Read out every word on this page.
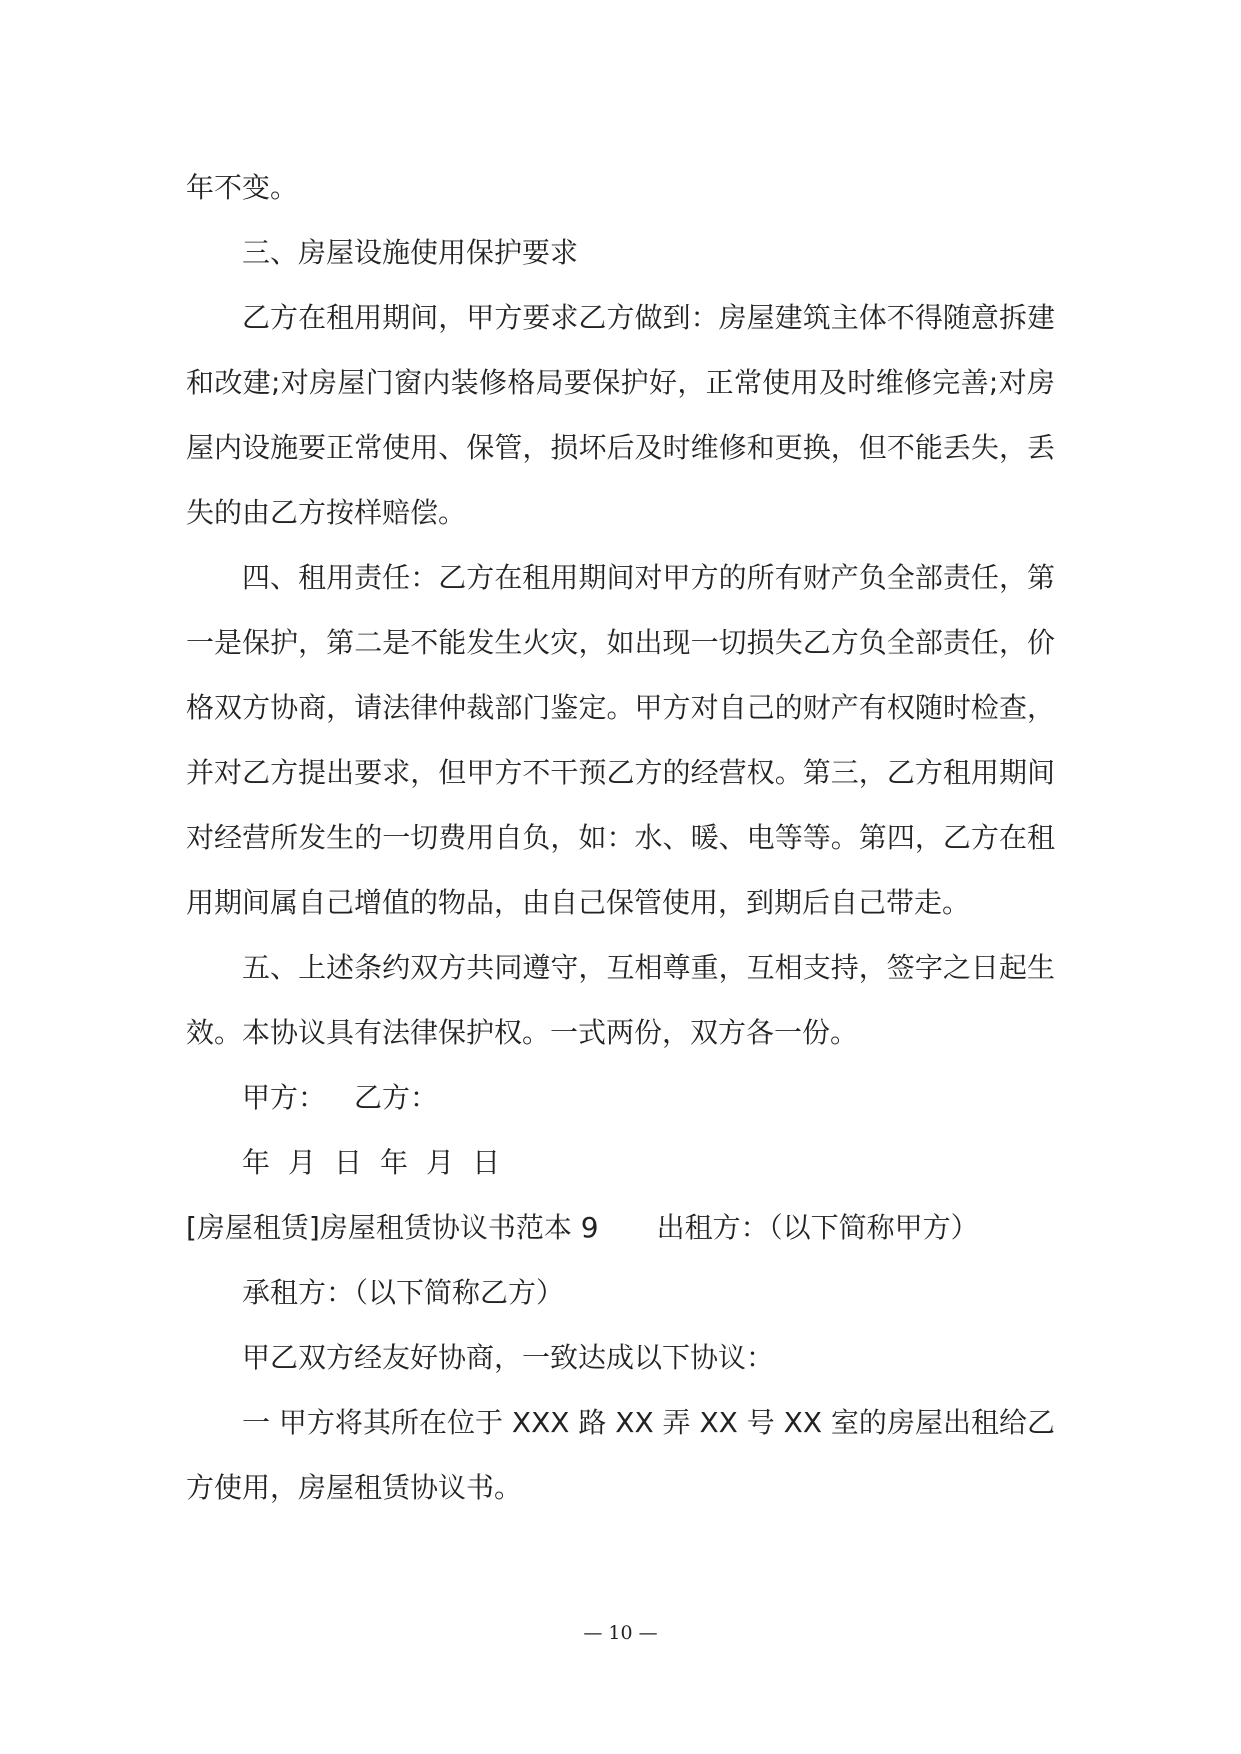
年不变。

三、房屋设施使用保护要求

乙方在租用期间，甲方要求乙方做到：房屋建筑主体不得随意拆建和改建;对房屋门窗内装修格局要保护好，正常使用及时维修完善;对房屋内设施要正常使用、保管，损坏后及时维修和更换，但不能丢失，丢失的由乙方按样赔偿。

四、租用责任：乙方在租用期间对甲方的所有财产负全部责任，第一是保护，第二是不能发生火灾，如出现一切损失乙方负全部责任，价格双方协商，请法律仲裁部门鉴定。甲方对自己的财产有权随时检查，并对乙方提出要求，但甲方不干预乙方的经营权。第三，乙方租用期间对经营所发生的一切费用自负，如：水、暖、电等等。第四，乙方在租用期间属自己增值的物品，由自己保管使用，到期后自己带走。

五、上述条约双方共同遵守，互相尊重，互相支持，签字之日起生效。本协议具有法律保护权。一式两份，双方各一份。

甲方： 乙方：

年 月 日 年 月 日

[房屋租赁]房屋租赁协议书范本 9 出租方：（以下简称甲方）

承租方：（以下简称乙方）

甲乙双方经友好协商，一致达成以下协议：

一 甲方将其所在位于 XXX 路 XX 弄 XX 号 XX 室的房屋出租给乙方使用，房屋租赁协议书。

— 10 —
